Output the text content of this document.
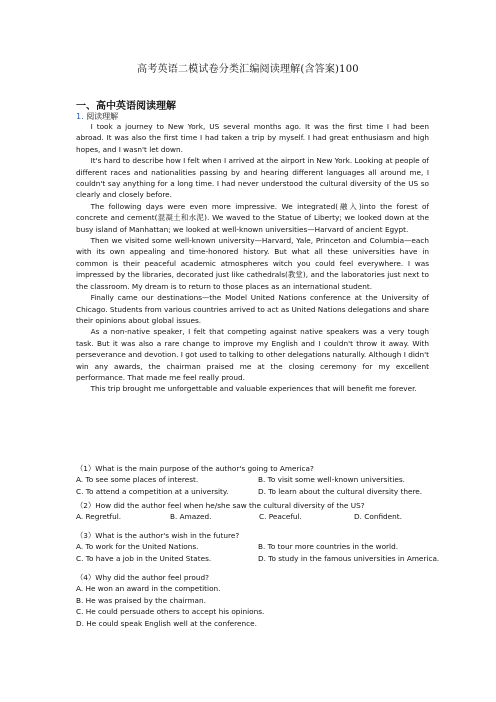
高考英语二模试卷分类汇编阅读理解(含答案)100
一、高中英语阅读理解
1. 阅读理解

I took a journey to New York, US several months ago. It was the first time I had been abroad. It was also the first time I had taken a trip by myself. I had great enthusiasm and high hopes, and I wasn't let down.

It's hard to describe how I felt when I arrived at the airport in New York. Looking at people of different races and nationalities passing by and hearing different languages all around me, I couldn't say anything for a long time. I had never understood the cultural diversity of the US so clearly and closely before.

The following days were even more impressive. We integrated(融入)into the forest of concrete and cement(混凝土和水泥). We waved to the Statue of Liberty; we looked down at the busy island of Manhattan; we looked at well-known universities—Harvard of ancient Egypt.

Then we visited some well-known university—Harvard, Yale, Princeton and Columbia—each with its own appealing and time-honored history. But what all these universities have in common is their peaceful academic atmospheres witch you could feel everywhere. I was impressed by the libraries, decorated just like cathedrals(教堂), and the laboratories just next to the classroom. My dream is to return to those places as an international student.

Finally came our destinations—the Model United Nations conference at the University of Chicago. Students from various countries arrived to act as United Nations delegations and share their opinions about global issues.

As a non-native speaker, I felt that competing against native speakers was a very tough task. But it was also a rare change to improve my English and I couldn't throw it away. With perseverance and devotion. I got used to talking to other delegations naturally. Although I didn't win any awards, the chairman praised me at the closing ceremony for my excellent performance. That made me feel really proud.

This trip brought me unforgettable and valuable experiences that will benefit me forever.

（1）What is the main purpose of the author's going to America?

A. To see some places of interest.	B. To visit some well-known universities.
C. To attend a competition at a university.	D. To learn about the cultural diversity there.

（2）How did the author feel when he/she saw the cultural diversity of the US?

A. Regretful.	B. Amazed.	C. Peaceful.	D. Confident.

（3）What is the author's wish in the future?

A. To work for the United Nations.	B. To tour more countries in the world.
C. To have a job in the United States.	D. To study in the famous universities in America.

（4）Why did the author feel proud?

A. He won an award in the competition.

B. He was praised by the chairman.

C. He could persuade others to accept his opinions.

D. He could speak English well at the conference.
